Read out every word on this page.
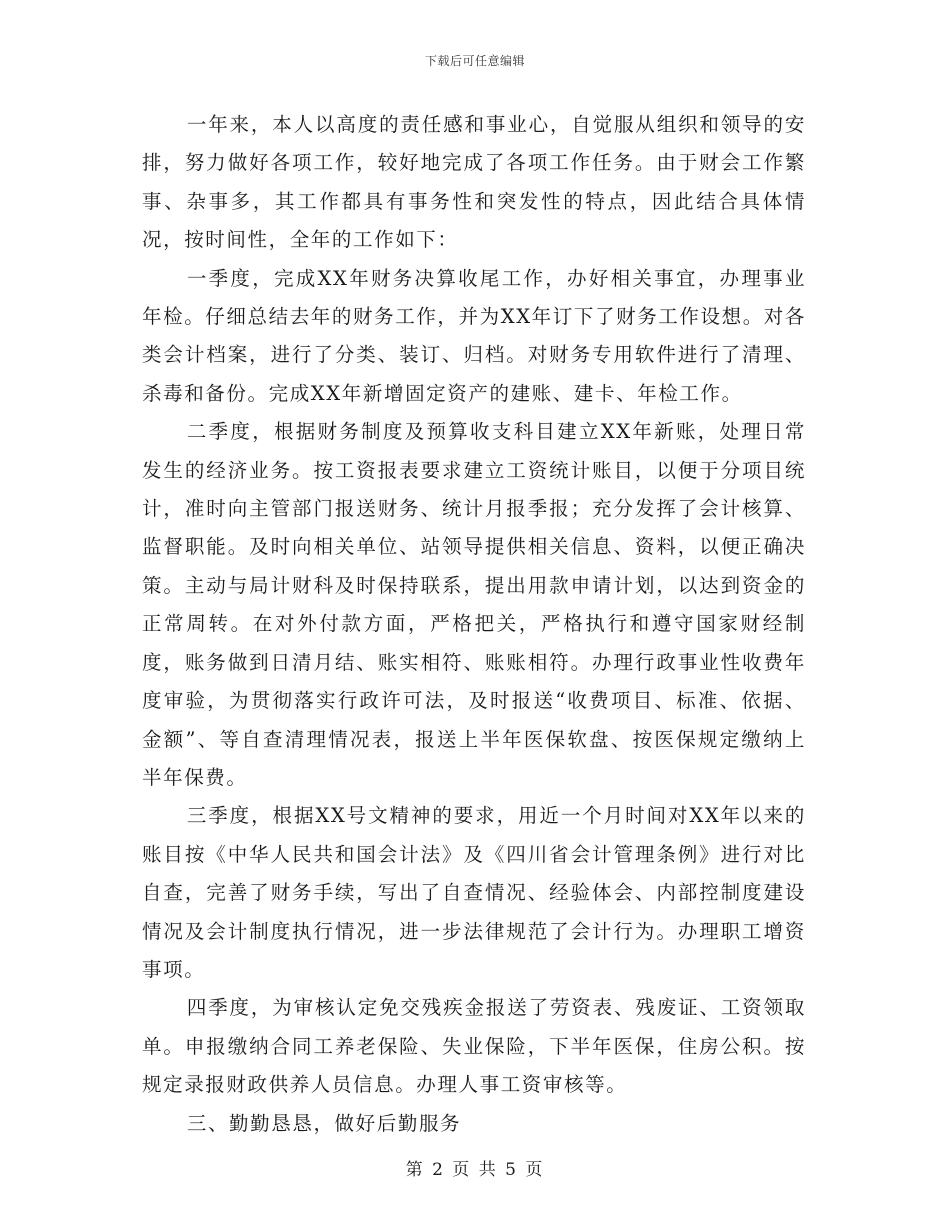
下载后可任意编辑

一年来，本人以高度的责任感和事业心，自觉服从组织和领导的安排，努力做好各项工作，较好地完成了各项工作任务。由于财会工作繁事、杂事多，其工作都具有事务性和突发性的特点，因此结合具体情况，按时间性，全年的工作如下：

一季度，完成XX年财务决算收尾工作，办好相关事宜，办理事业年检。仔细总结去年的财务工作，并为XX年订下了财务工作设想。对各类会计档案，进行了分类、装订、归档。对财务专用软件进行了清理、杀毒和备份。完成XX年新增固定资产的建账、建卡、年检工作。

二季度，根据财务制度及预算收支科目建立XX年新账，处理日常发生的经济业务。按工资报表要求建立工资统计账目，以便于分项目统计，准时向主管部门报送财务、统计月报季报；充分发挥了会计核算、监督职能。及时向相关单位、站领导提供相关信息、资料，以便正确决策。主动与局计财科及时保持联系，提出用款申请计划，以达到资金的正常周转。在对外付款方面，严格把关，严格执行和遵守国家财经制度，账务做到日清月结、账实相符、账账相符。办理行政事业性收费年度审验，为贯彻落实行政许可法，及时报送“收费项目、标准、依据、金额”、等自查清理情况表，报送上半年医保软盘、按医保规定缴纳上半年保费。

三季度，根据XX号文精神的要求，用近一个月时间对XX年以来的账目按《中华人民共和国会计法》及《四川省会计管理条例》进行对比自查，完善了财务手续，写出了自查情况、经验体会、内部控制度建设情况及会计制度执行情况，进一步法律规范了会计行为。办理职工增资事项。

四季度，为审核认定免交残疾金报送了劳资表、残废证、工资领取单。申报缴纳合同工养老保险、失业保险，下半年医保，住房公积。按规定录报财政供养人员信息。办理人事工资审核等。

三、勤勤恳恳，做好后勤服务

第 2 页 共 5 页
